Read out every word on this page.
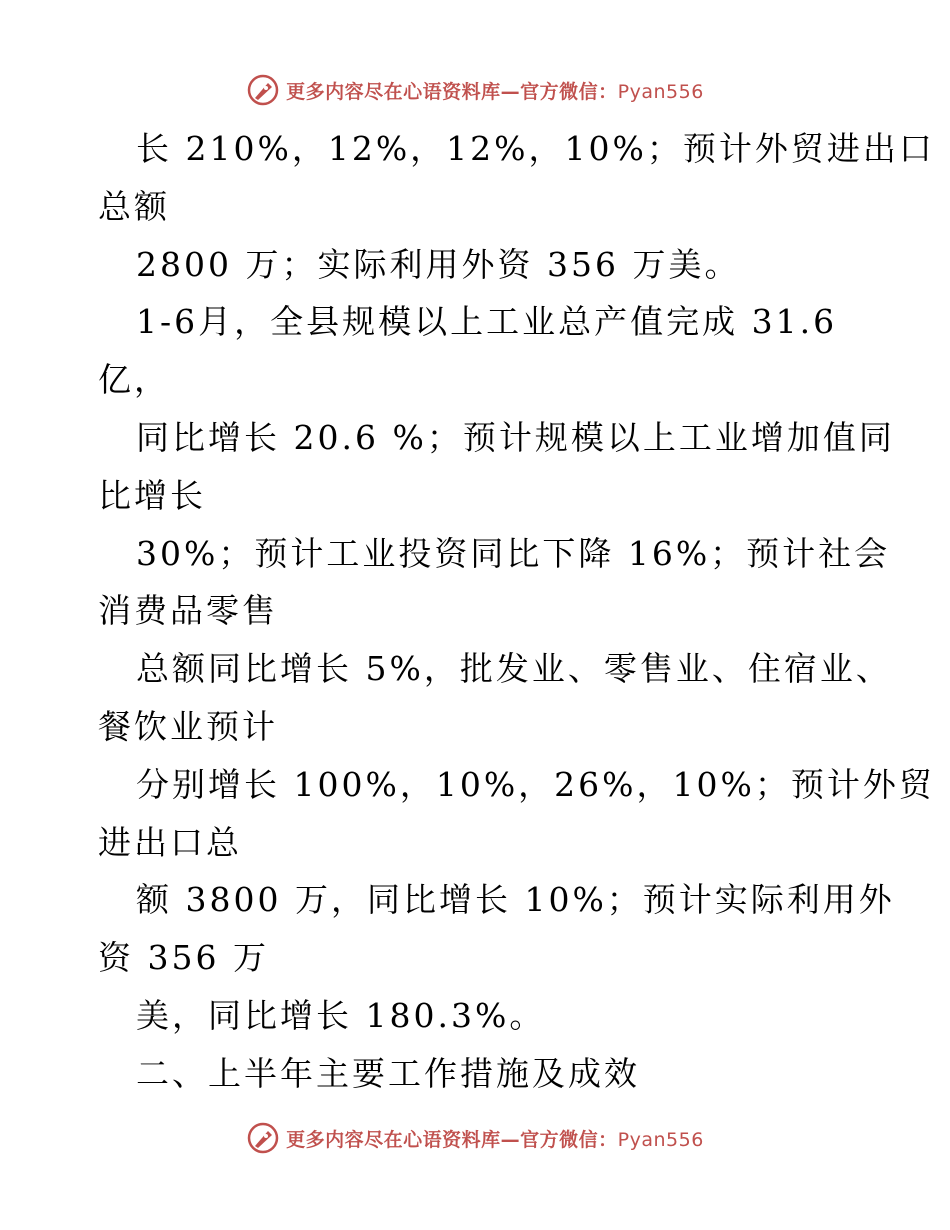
更多内容尽在心语资料库—官方微信：Pyan556
长 210%，12%，12%，10%；预计外贸进出口
总额
2800 万；实际利用外资 356 万美。
1-6月，全县规模以上工业总产值完成 31.6
亿，
同比增长 20.6 %；预计规模以上工业增加值同
比增长
30%；预计工业投资同比下降 16%；预计社会
消费品零售
总额同比增长 5%，批发业、零售业、住宿业、
餐饮业预计
分别增长 100%，10%，26%，10%；预计外贸
进出口总
额 3800 万，同比增长 10%；预计实际利用外
资 356 万
美，同比增长 180.3%。
二、上半年主要工作措施及成效
更多内容尽在心语资料库—官方微信：Pyan556
